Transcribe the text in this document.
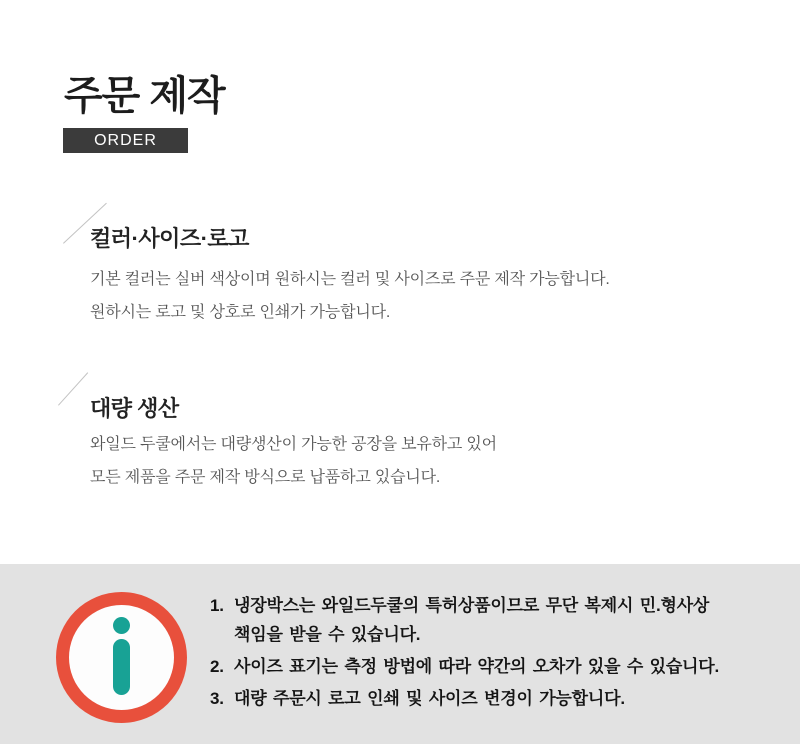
주문 제작
ORDER
컬러·사이즈·로고
기본 컬러는 실버 색상이며 원하시는 컬러 및 사이즈로 주문 제작 가능합니다.
원하시는 로고 및 상호로 인쇄가 가능합니다.
대량 생산
와일드 두쿨에서는 대량생산이 가능한 공장을 보유하고 있어
모든 제품을 주문 제작 방식으로 납품하고 있습니다.
1. 냉장박스는 와일드두쿨의 특허상품이므로 무단 복제시 민.형사상
책임을 받을 수 있습니다.
2. 사이즈 표기는 측정 방법에 따라 약간의 오차가 있을 수 있습니다.
3. 대량 주문시 로고 인쇄 및 사이즈 변경이 가능합니다.
